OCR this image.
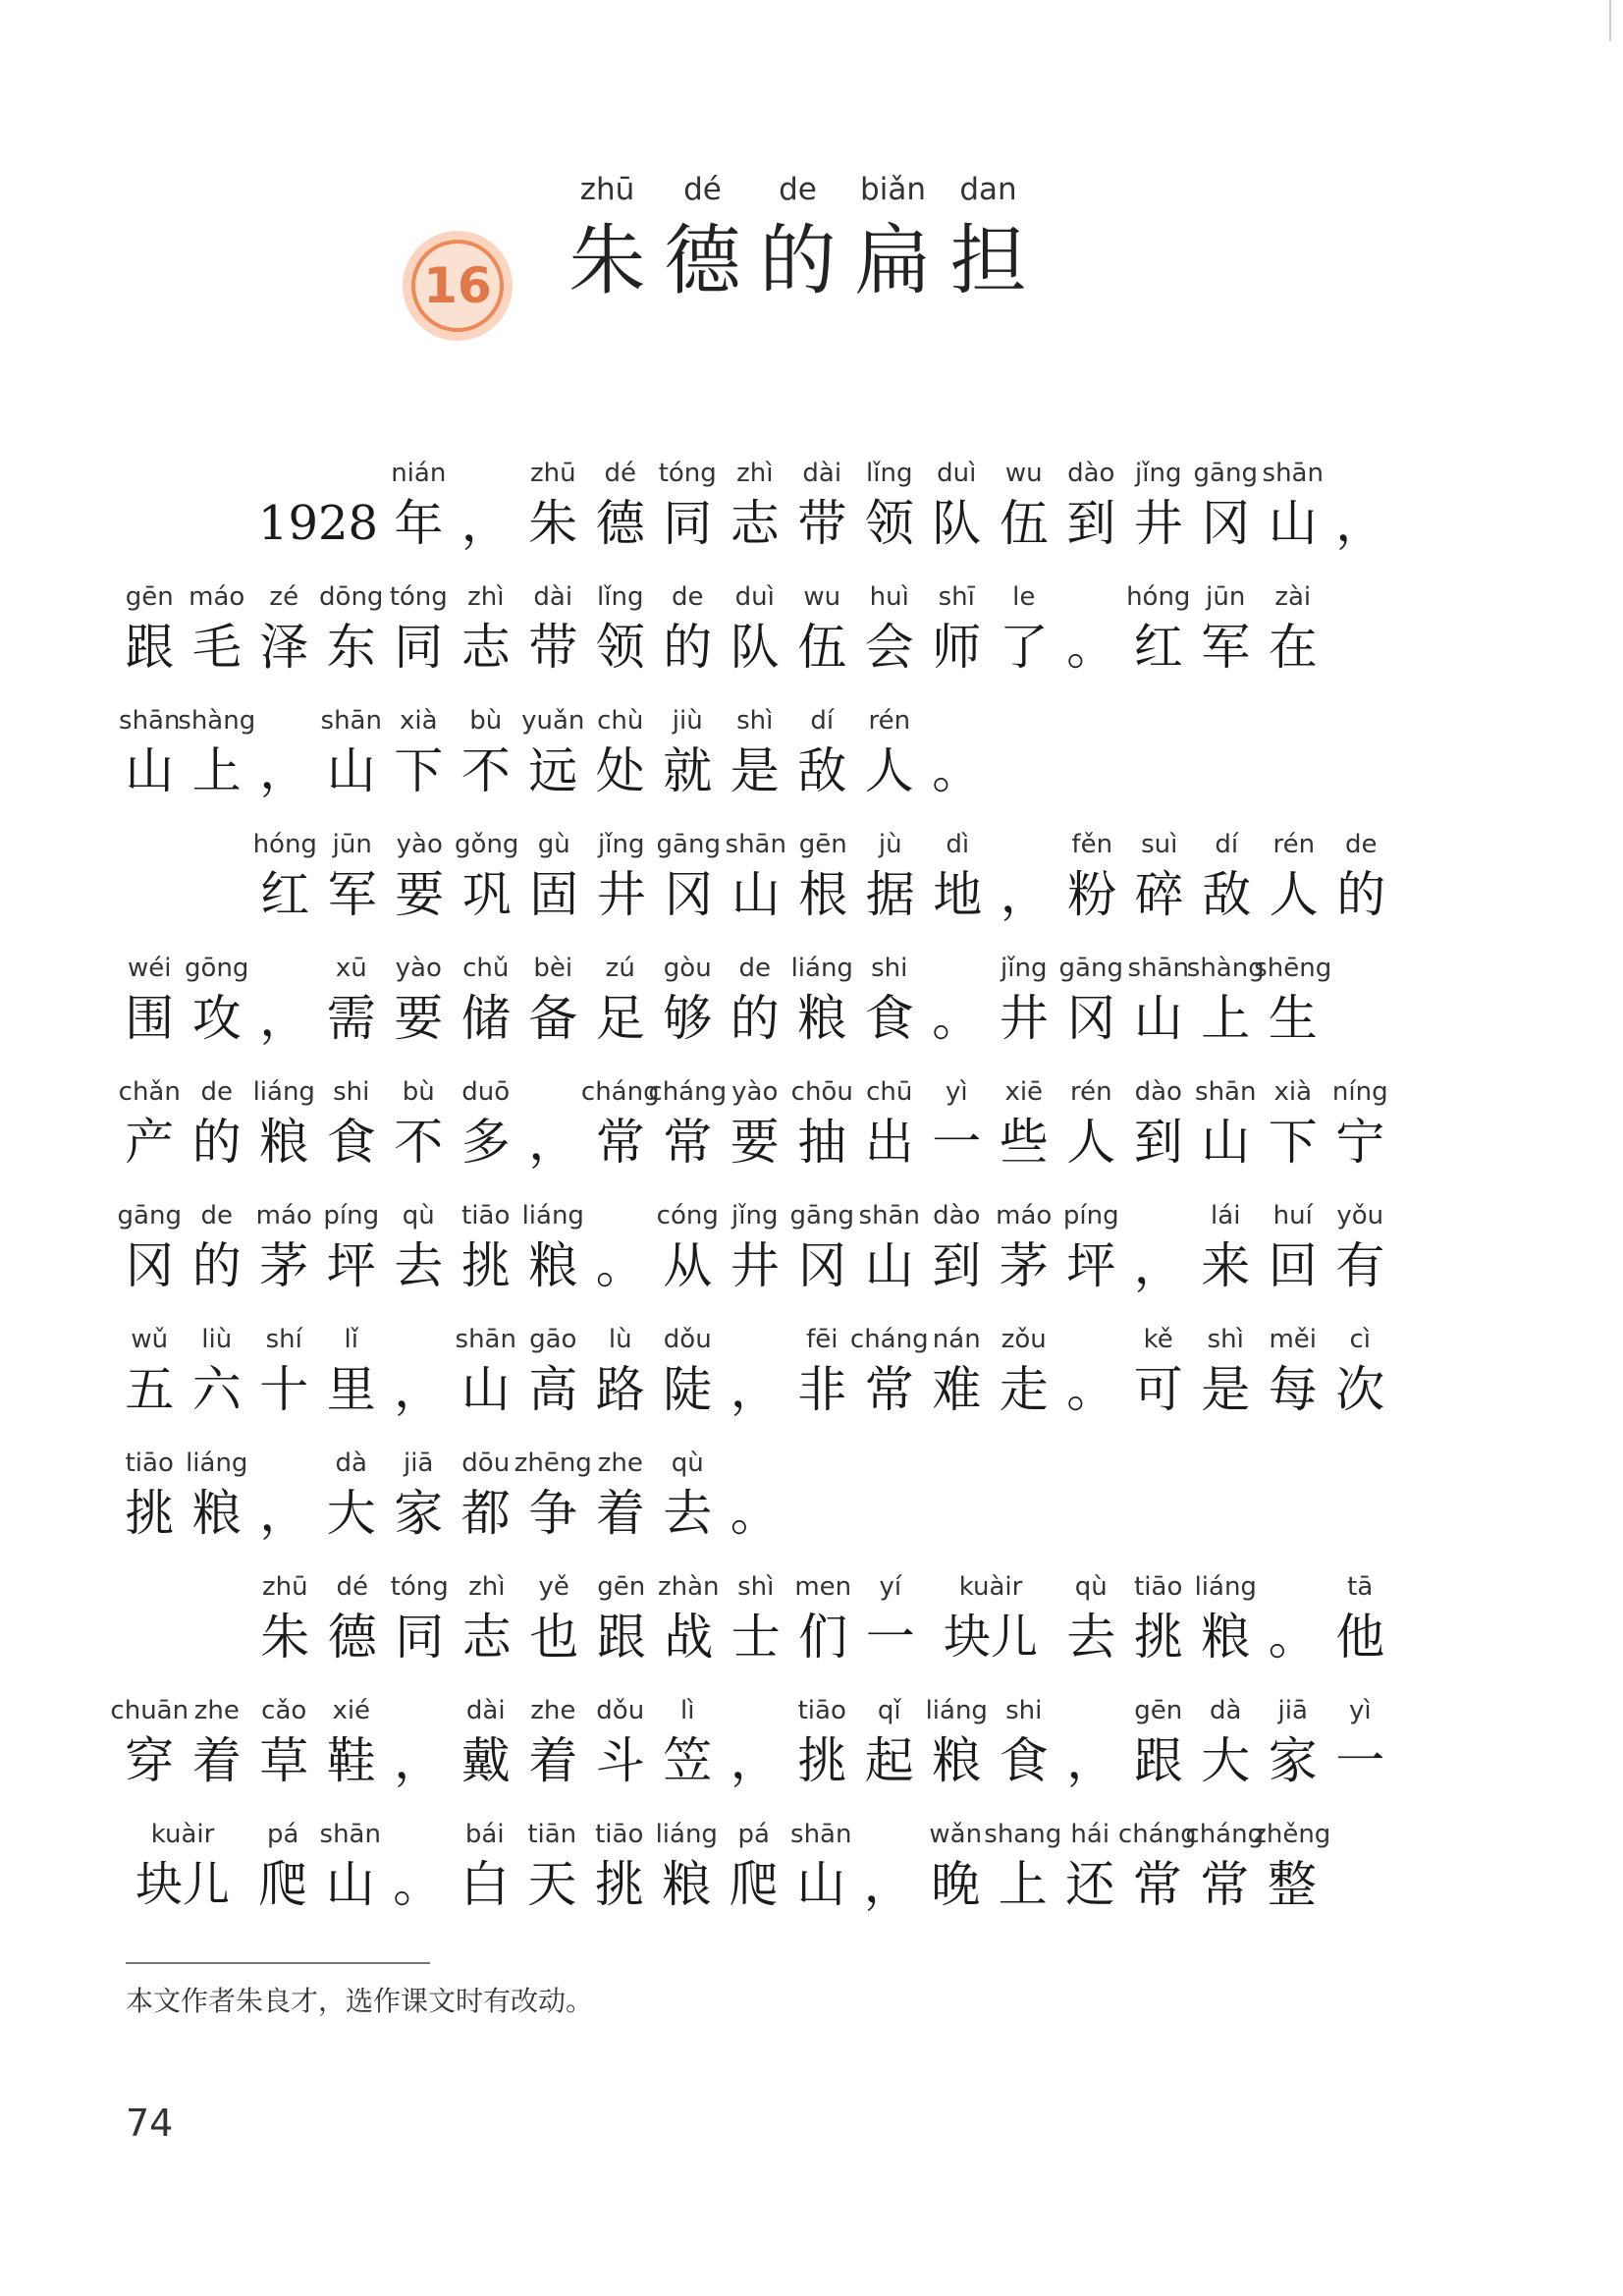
16
zhū
朱
dé
德
de
的
biǎn
扁
dan
担
1928
nián
年 ，
zhū
朱
dé
德
tóng
同
zhì
志
dài
带
lǐng
领
duì
队
wu
伍
dào
到
jǐng
井
gāng
冈
shān
山 ，
gēn
跟
máo
毛
zé
泽
dōng
东
tóng
同
zhì
志
dài
带
lǐng
领
de
的
duì
队
wu
伍
huì
会
shī
师
le
了 。
hóng
红
jūn
军
zài
在
shān
山
shàng
上 ，
shān
山
xià
下
bù
不
yuǎn
远
chù
处
jiù
就
shì
是
dí
敌
rén
人 。
hóng
红
jūn
军
yào
要
gǒng
巩
gù
固
jǐng
井
gāng
冈
shān
山
gēn
根
jù
据
dì
地 ，
fěn
粉
suì
碎
dí
敌
rén
人
de
的
wéi
围
gōng
攻 ，
xū
需
yào
要
chǔ
储
bèi
备
zú
足
gòu
够
de
的
liáng
粮
shi
食 。
jǐng
井
gāng
冈
shān
山
shàng
上
shēng
生
chǎn
产
de
的
liáng
粮
shi
食
bù
不
duō
多 ，
cháng
常
cháng
常
yào
要
chōu
抽
chū
出
yì
一
xiē
些
rén
人
dào
到
shān
山
xià
下
níng
宁
gāng
冈
de
的
máo
茅
píng
坪
qù
去
tiāo
挑
liáng
粮 。
cóng
从
jǐng
井
gāng
冈
shān
山
dào
到
máo
茅
píng
坪 ，
lái
来
huí
回
yǒu
有
wǔ
五
liù
六
shí
十
lǐ
里 ，
shān
山
gāo
高
lù
路
dǒu
陡 ，
fēi
非
cháng
常
nán
难
zǒu
走 。
kě
可
shì
是
měi
每
cì
次
tiāo
挑
liáng
粮 ，
dà
大
jiā
家
dōu
都
zhēng
争
zhe
着
qù
去 。
zhū
朱
dé
德
tóng
同
zhì
志
yě
也
gēn
跟
zhàn
战
shì
士
men
们
yí
一
kuàir
块儿
qù
去
tiāo
挑
liáng
粮 。
tā
他
chuān
穿
zhe
着
cǎo
草
xié
鞋 ，
dài
戴
zhe
着
dǒu
斗
lì
笠 ，
tiāo
挑
qǐ
起
liáng
粮
shi
食 ，
gēn
跟
dà
大
jiā
家
yì
一
kuàir
块儿
pá
爬
shān
山 。
bái
白
tiān
天
tiāo
挑
liáng
粮
pá
爬
shān
山 ，
wǎn
晚
shang
上
hái
还
cháng
常
cháng
常
zhěng
整
本文作者朱良才，选作课文时有改动。
74
